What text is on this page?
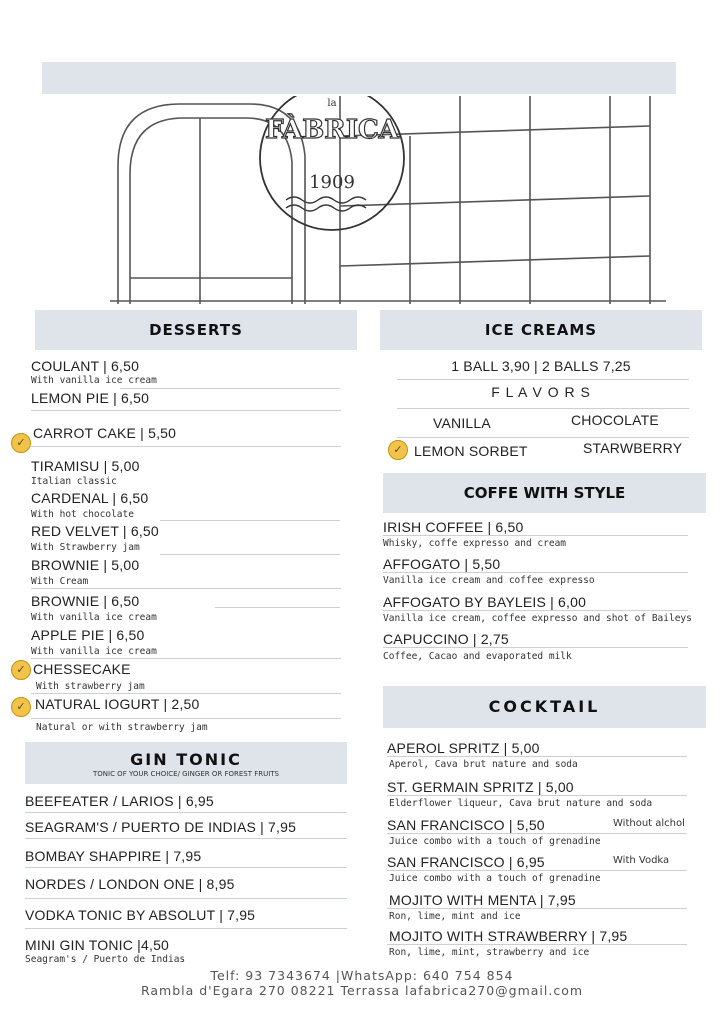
la
FÀBRICA
1909
DESSERTS
✓
✓
✓
COULANT | 6,50
With vanilla ice cream
LEMON PIE | 6,50
CARROT CAKE | 5,50
TIRAMISU | 5,00
Italian classic
CARDENAL | 6,50
With hot chocolate
RED VELVET | 6,50
With Strawberry jam
BROWNIE | 5,00
With Cream
BROWNIE | 6,50
With vanilla ice cream
APPLE PIE | 6,50
With vanilla ice cream
CHESSECAKE
With strawberry jam
NATURAL IOGURT | 2,50
Natural or with strawberry jam
GIN TONIC
TONIC OF YOUR CHOICE/ GINGER OR FOREST FRUITS
BEEFEATER / LARIOS | 6,95
SEAGRAM'S / PUERTO DE INDIAS | 7,95
BOMBAY SHAPPIRE | 7,95
NORDES / LONDON ONE | 8,95
VODKA TONIC BY ABSOLUT | 7,95
MINI GIN TONIC |4,50
Seagram's / Puerto de Indias
ICE CREAMS
1 BALL 3,90 | 2 BALLS 7,25
F L A V O R S
VANILLA	CHOCOLATE
✓ LEMON SORBET	STARWBERRY
COFFE WITH STYLE
IRISH COFFEE | 6,50
Whisky, coffe expresso and cream
AFFOGATO | 5,50
Vanilla ice cream and coffee expresso
AFFOGATO BY BAYLEIS | 6,00
Vanilla ice cream, coffee expresso and shot of Baileys
CAPUCCINO | 2,75
Coffee, Cacao and evaporated milk
COCKTAIL
APEROL SPRITZ | 5,00
Aperol, Cava brut nature and soda
ST. GERMAIN SPRITZ | 5,00
Elderflower liqueur, Cava brut nature and soda
SAN FRANCISCO | 5,50	Without alchol
Juice combo with a touch of grenadine
SAN FRANCISCO | 6,95	With Vodka
Juice combo with a touch of grenadine
MOJITO WITH MENTA | 7,95
Ron, lime, mint and ice
MOJITO WITH STRAWBERRY | 7,95
Ron, lime, mint, strawberry and ice
Telf: 93 7343674 |WhatsApp: 640 754 854
Rambla d'Egara 270 08221 Terrassa lafabrica270@gmail.com
